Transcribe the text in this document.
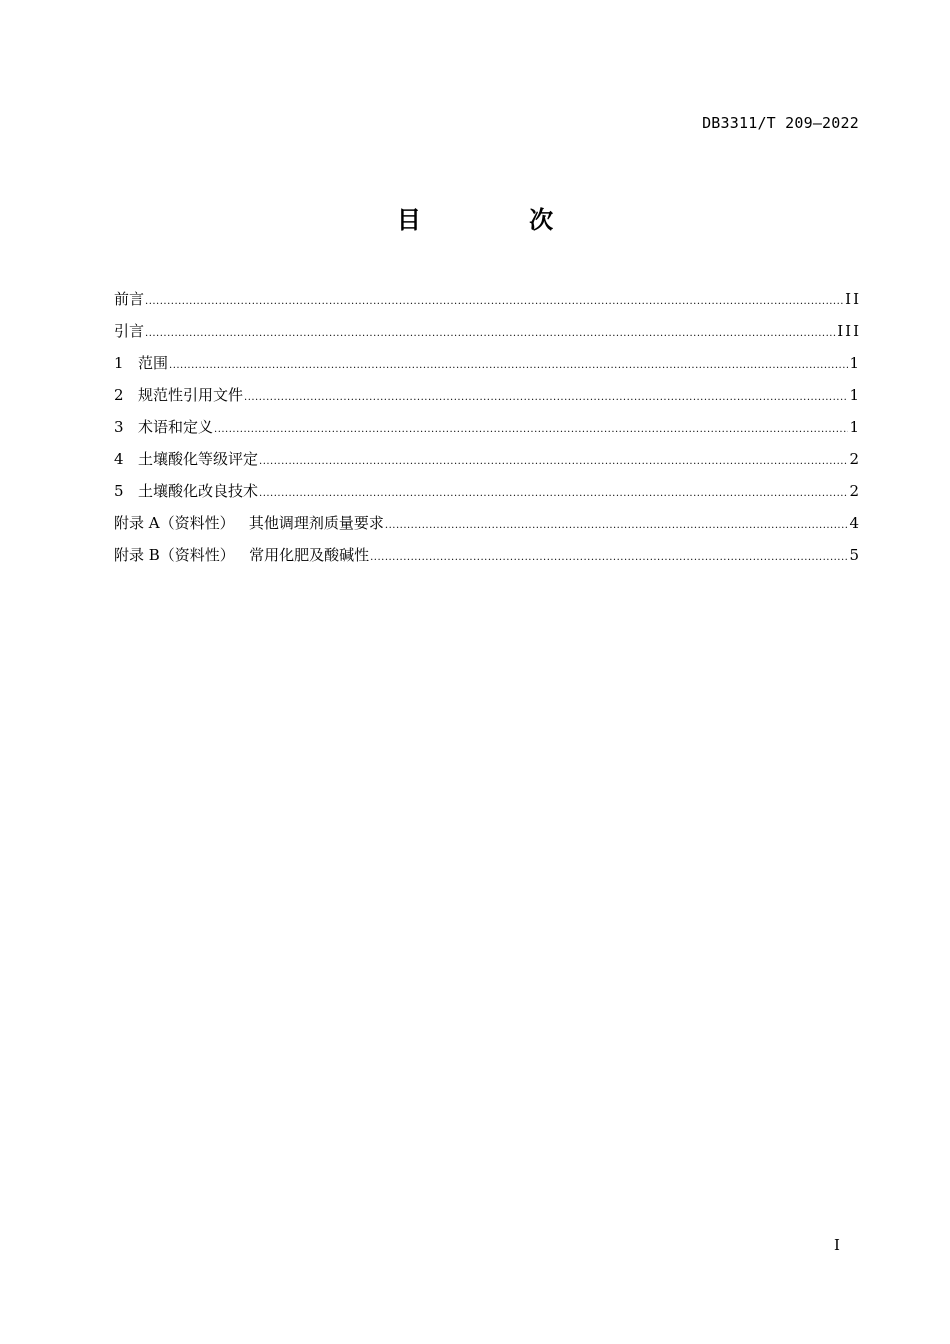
DB3311/T 209—2022
目 次
前言 .....	II
引言 .....	III
1 范围 .....	1
2 规范性引用文件 .....	1
3 术语和定义 .....	1
4 土壤酸化等级评定 .....	2
5 土壤酸化改良技术 .....	2
附录 A（资料性）   其他调理剂质量要求 .....	4
附录 B（资料性）   常用化肥及酸碱性 .....	5
I
